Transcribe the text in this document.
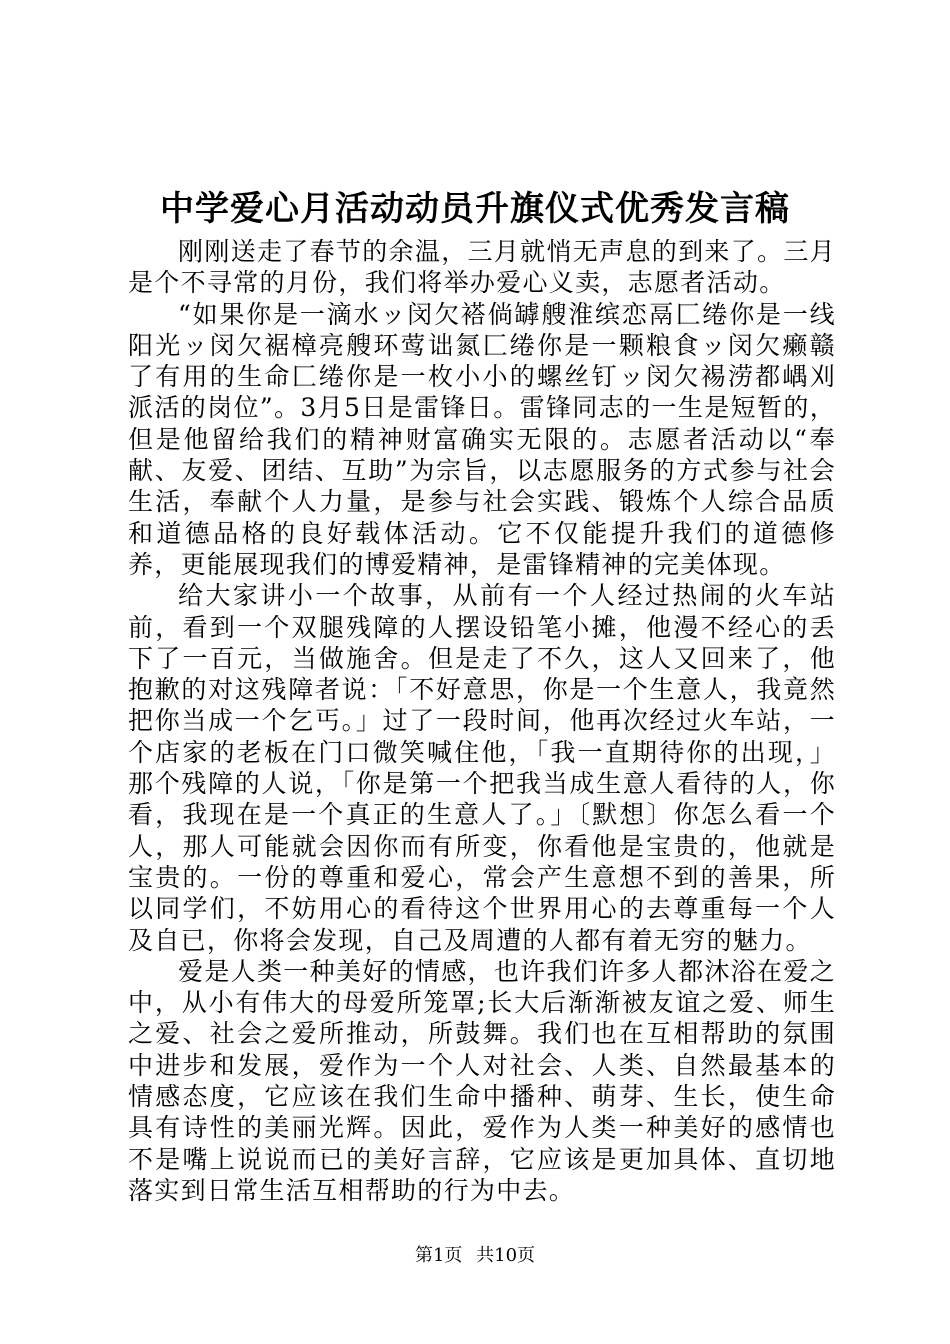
中学爱心月活动动员升旗仪式优秀发言稿

刚刚送走了春节的余温，三月就悄无声息的到来了。三月是个不寻常的月份，我们将举办爱心义卖，志愿者活动。

“如果你是一滴水ッ闵欠褡倘罅艘淮缤恋鬲匚绻你是一线阳光ッ闵欠裾樟亮艘环莺诎氮匚绻你是一颗粮食ッ闵欠癞赣了有用的生命匚绻你是一枚小小的螺丝钉ッ闵欠裼涝都嵎刈派活的岗位”。3月5日是雷锋日。雷锋同志的一生是短暂的，但是他留给我们的精神财富确实无限的。志愿者活动以“奉献、友爱、团结、互助”为宗旨，以志愿服务的方式参与社会生活，奉献个人力量，是参与社会实践、锻炼个人综合品质和道德品格的良好载体活动。它不仅能提升我们的道德修养，更能展现我们的博爱精神，是雷锋精神的完美体现。

给大家讲小一个故事，从前有一个人经过热闹的火车站前，看到一个双腿残障的人摆设铅笔小摊，他漫不经心的丢下了一百元，当做施舍。但是走了不久，这人又回来了，他抱歉的对这残障者说：「不好意思，你是一个生意人，我竟然把你当成一个乞丐。」过了一段时间，他再次经过火车站，一个店家的老板在门口微笑喊住他，「我一直期待你的出现，」那个残障的人说，「你是第一个把我当成生意人看待的人，你看，我现在是一个真正的生意人了。」〔默想〕你怎么看一个人，那人可能就会因你而有所变，你看他是宝贵的，他就是宝贵的。一份的尊重和爱心，常会产生意想不到的善果，所以同学们，不妨用心的看待这个世界用心的去尊重每一个人及自已，你将会发现，自己及周遭的人都有着无穷的魅力。

爱是人类一种美好的情感，也许我们许多人都沐浴在爱之中，从小有伟大的母爱所笼罩;长大后渐渐被友谊之爱、师生之爱、社会之爱所推动，所鼓舞。我们也在互相帮助的氛围中进步和发展，爱作为一个人对社会、人类、自然最基本的情感态度，它应该在我们生命中播种、萌芽、生长，使生命具有诗性的美丽光辉。因此，爱作为人类一种美好的感情也不是嘴上说说而已的美好言辞，它应该是更加具体、直切地落实到日常生活互相帮助的行为中去。

第1页 共10页
